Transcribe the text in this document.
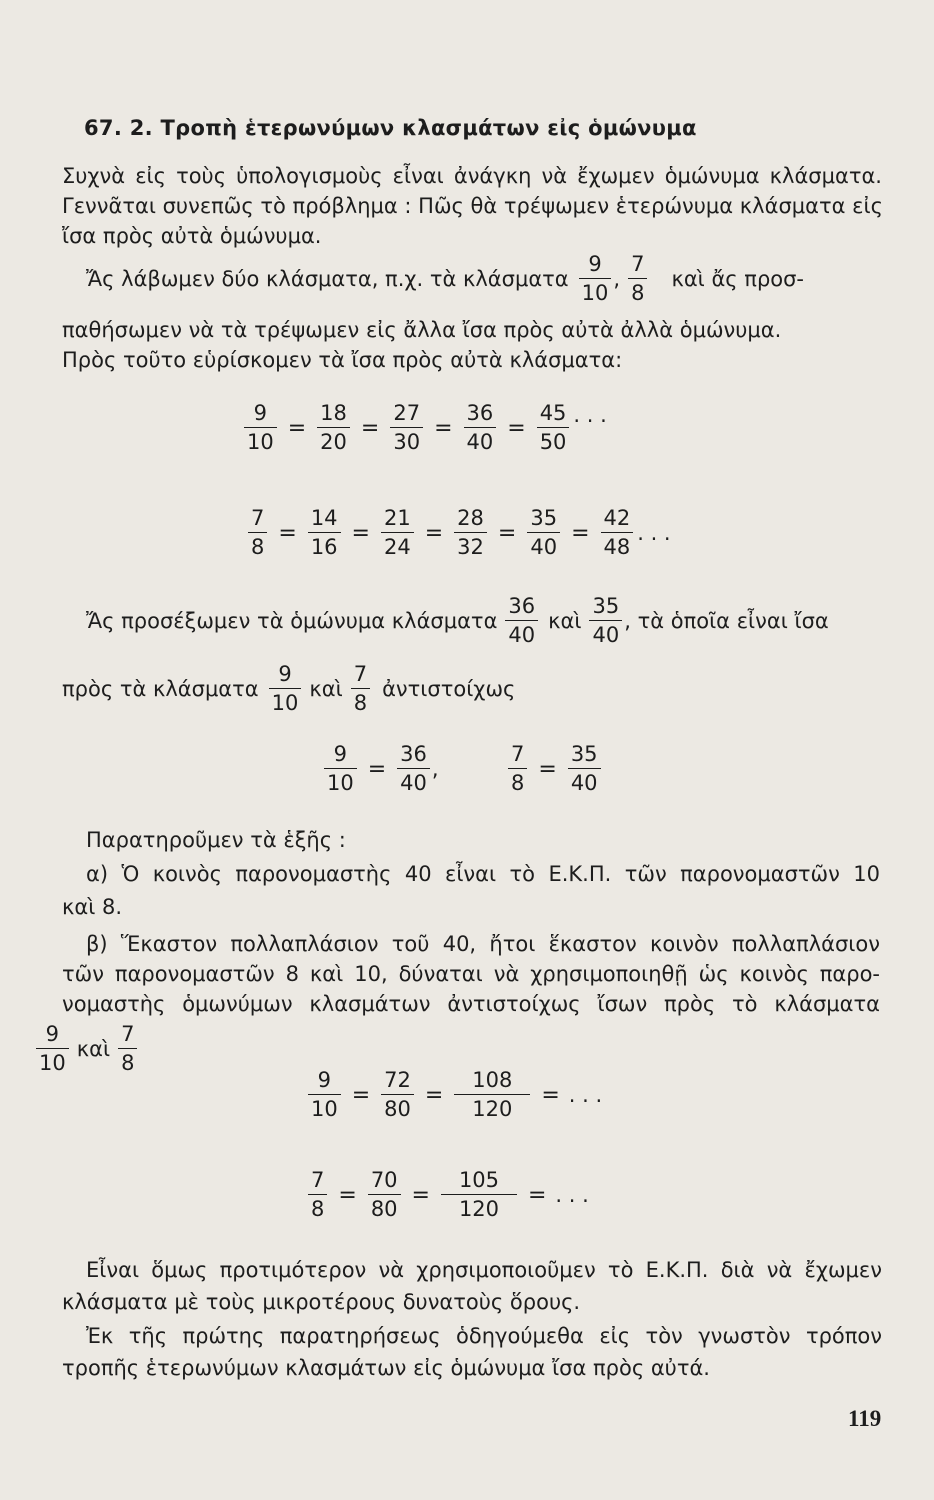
67. 2. Τροπὴ ἑτερωνύμων κλασμάτων εἰς ὁμώνυμα
Συχνὰ εἰς τοὺς ὑπολογισμοὺς εἶναι ἀνάγκη νὰ ἔχωμεν ὁμώνυμα κλάσματα.
Γεννᾶται συνεπῶς τὸ πρόβλημα : Πῶς θὰ τρέψωμεν ἑτερώνυμα κλάσματα εἰς
ἴσα πρὸς αὐτὰ ὁμώνυμα.
Ἄς λάβωμεν δύο κλάσματα, π.χ. τὰ κλάσματα $\frac{9}{10}$ , $\frac{7}{8}$ καὶ ἄς προσ-
παθήσωμεν νὰ τὰ τρέψωμεν εἰς ἄλλα ἴσα πρὸς αὐτὰ ἀλλὰ ὁμώνυμα.
Πρὸς τοῦτο εὑρίσκομεν τὰ ἴσα πρὸς αὐτὰ κλάσματα:
$\frac{9}{10} = \frac{18}{20} = \frac{27}{30} = \frac{36}{40} = \frac{45}{50}$ . . .
$\frac{7}{8} = \frac{14}{16} = \frac{21}{24} = \frac{28}{32} = \frac{35}{40} = \frac{42}{48}$ . . .
Ἄς προσέξωμεν τὰ ὁμώνυμα κλάσματα $\frac{36}{40}$ καὶ $\frac{35}{40}$ , τὰ ὁποῖα εἶναι ἴσα
πρὸς τὰ κλάσματα $\frac{9}{10}$ καὶ $\frac{7}{8}$ ἀντιστοίχως
$\frac{9}{10} = \frac{36}{40}$ ,	$\frac{7}{8} = \frac{35}{40}$
Παρατηροῦμεν τὰ ἑξῆς :
α) Ὁ κοινὸς παρονομαστὴς 40 εἶναι τὸ Ε.Κ.Π. τῶν παρονομαστῶν 10
καὶ 8.
β) Ἕκαστον πολλαπλάσιον τοῦ 40, ἤτοι ἕκαστον κοινὸν πολλαπλάσιον
τῶν παρονομαστῶν 8 καὶ 10, δύναται νὰ χρησιμοποιηθῇ ὡς κοινὸς παρο-
νομαστὴς ὁμωνύμων κλασμάτων ἀντιστοίχως ἴσων πρὸς τὸ κλάσματα
$\frac{9}{10}$ καὶ $\frac{7}{8}$
$\frac{9}{10} = \frac{72}{80} = \frac{108}{120}$ = . . .
$\frac{7}{8} = \frac{70}{80} = \frac{105}{120}$ = . . .
Εἶναι ὅμως προτιμότερον νὰ χρησιμοποιοῦμεν τὸ Ε.Κ.Π. διὰ νὰ ἔχωμεν
κλάσματα μὲ τοὺς μικροτέρους δυνατοὺς ὅρους.
Ἐκ τῆς πρώτης παρατηρήσεως ὁδηγούμεθα εἰς τὸν γνωστὸν τρόπον
τροπῆς ἑτερωνύμων κλασμάτων εἰς ὁμώνυμα ἴσα πρὸς αὐτά.
119
